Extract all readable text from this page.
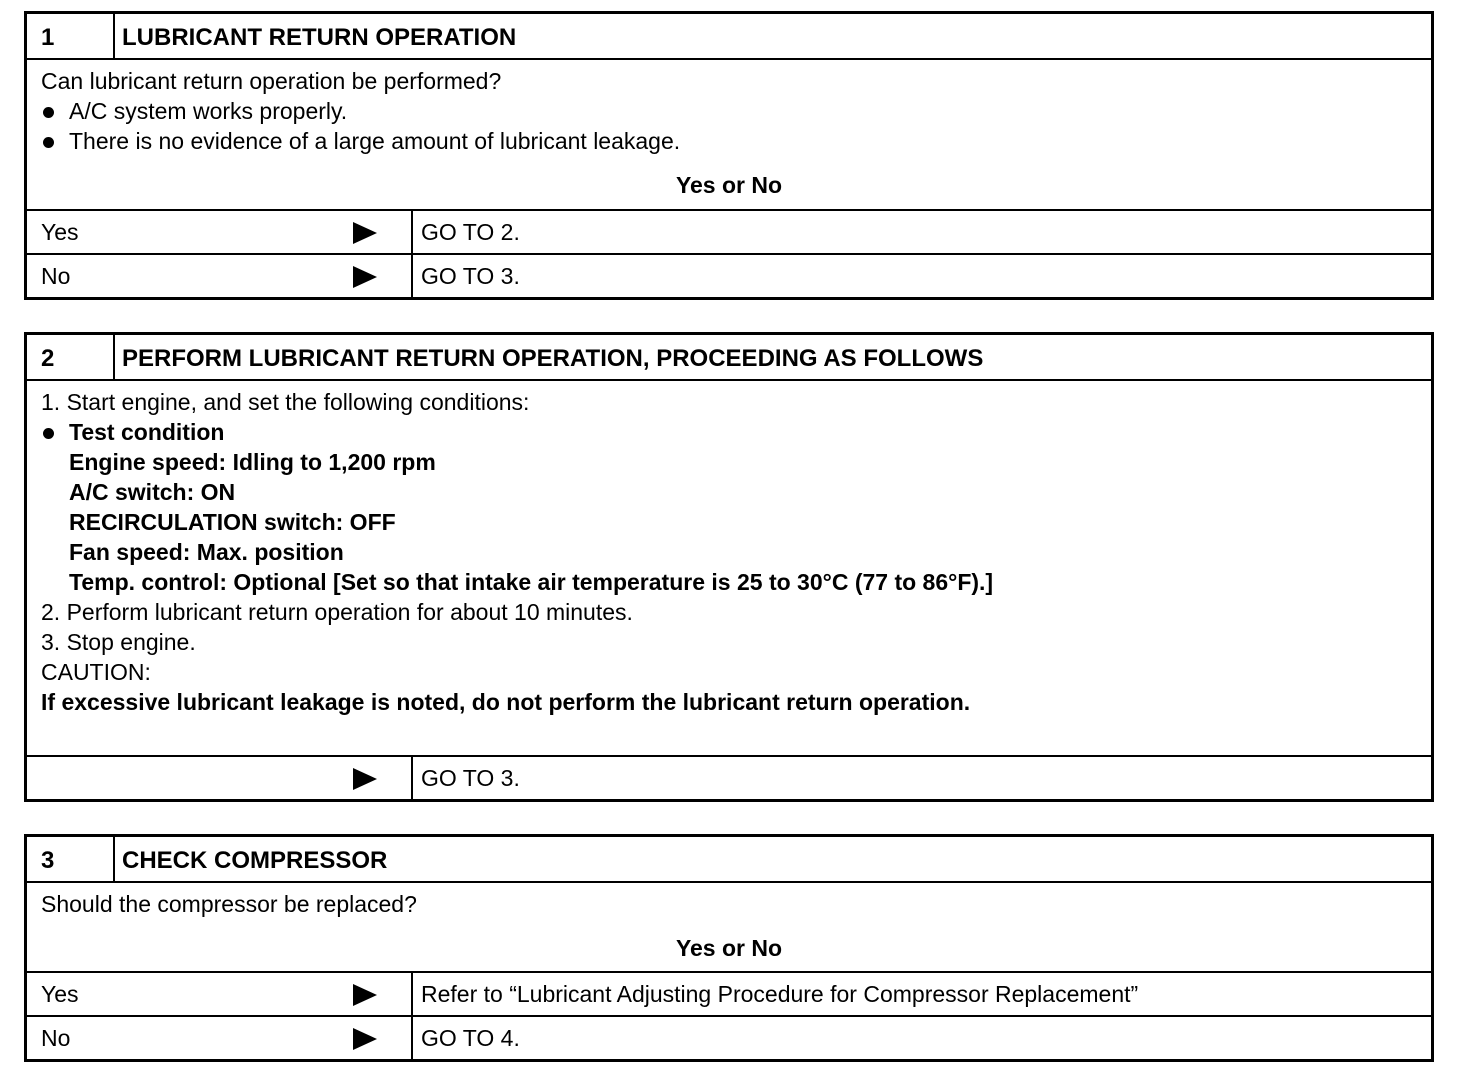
1	LUBRICANT RETURN OPERATION

Can lubricant return operation be performed?

A/C system works properly.
There is no evidence of a large amount of lubricant leakage.

Yes or No

Yes	GO TO 2.
No	GO TO 3.
2	PERFORM LUBRICANT RETURN OPERATION, PROCEEDING AS FOLLOWS

1. Start engine, and set the following conditions:

Test condition

Engine speed: Idling to 1,200 rpm

A/C switch: ON

RECIRCULATION switch: OFF

Fan speed: Max. position

Temp. control: Optional [Set so that intake air temperature is 25 to 30°C (77 to 86°F).]

2. Perform lubricant return operation for about 10 minutes.

3. Stop engine.

CAUTION:

If excessive lubricant leakage is noted, do not perform the lubricant return operation.

GO TO 3.
3	CHECK COMPRESSOR

Should the compressor be replaced?

Yes or No

Yes	Refer to “Lubricant Adjusting Procedure for Compressor Replacement”
No	GO TO 4.
